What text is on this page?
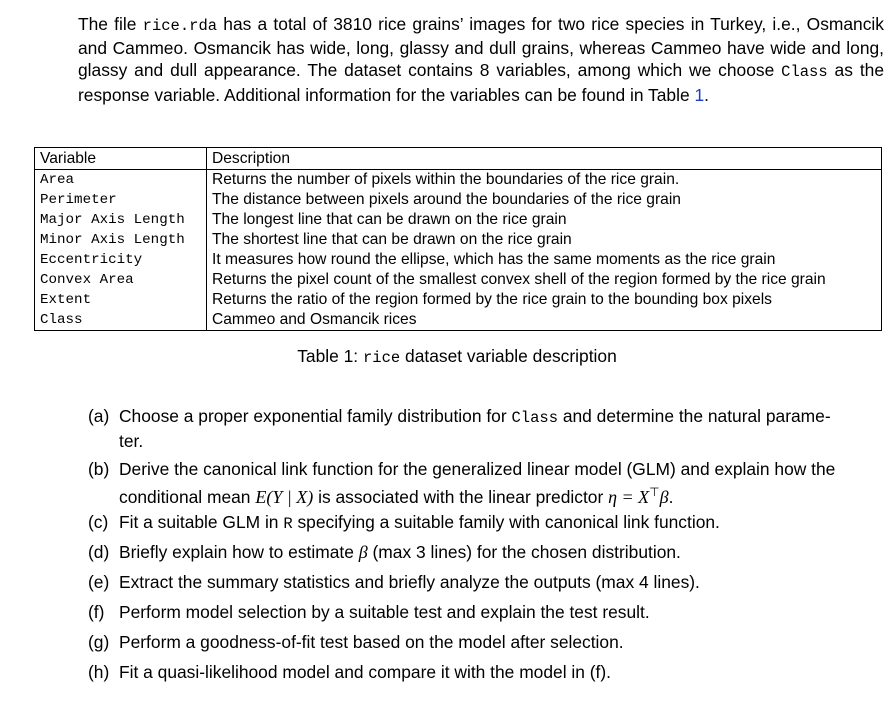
The file rice.rda has a total of 3810 rice grains’ images for two rice species in Turkey, i.e., Osmancik and Cammeo. Osmancik has wide, long, glassy and dull grains, whereas Cammeo have wide and long, glassy and dull appearance. The dataset contains 8 variables, among which we choose Class as the response variable. Additional information for the variables can be found in Table 1.
Variable	Description
Area	Returns the number of pixels within the boundaries of the rice grain.
Perimeter	The distance between pixels around the boundaries of the rice grain
Major Axis Length	The longest line that can be drawn on the rice grain
Minor Axis Length	The shortest line that can be drawn on the rice grain
Eccentricity	It measures how round the ellipse, which has the same moments as the rice grain
Convex Area	Returns the pixel count of the smallest convex shell of the region formed by the rice grain
Extent	Returns the ratio of the region formed by the rice grain to the bounding box pixels
Class	Cammeo and Osmancik rices
Table 1: rice dataset variable description
(a) Choose a proper exponential family distribution for Class and determine the natural parame-
ter.
(b) Derive the canonical link function for the generalized linear model (GLM) and explain how the
conditional mean E(Y | X) is associated with the linear predictor η = X⊤β.
(c) Fit a suitable GLM in R specifying a suitable family with canonical link function.
(d) Briefly explain how to estimate β (max 3 lines) for the chosen distribution.
(e) Extract the summary statistics and briefly analyze the outputs (max 4 lines).
(f) Perform model selection by a suitable test and explain the test result.
(g) Perform a goodness-of-fit test based on the model after selection.
(h) Fit a quasi-likelihood model and compare it with the model in (f).
